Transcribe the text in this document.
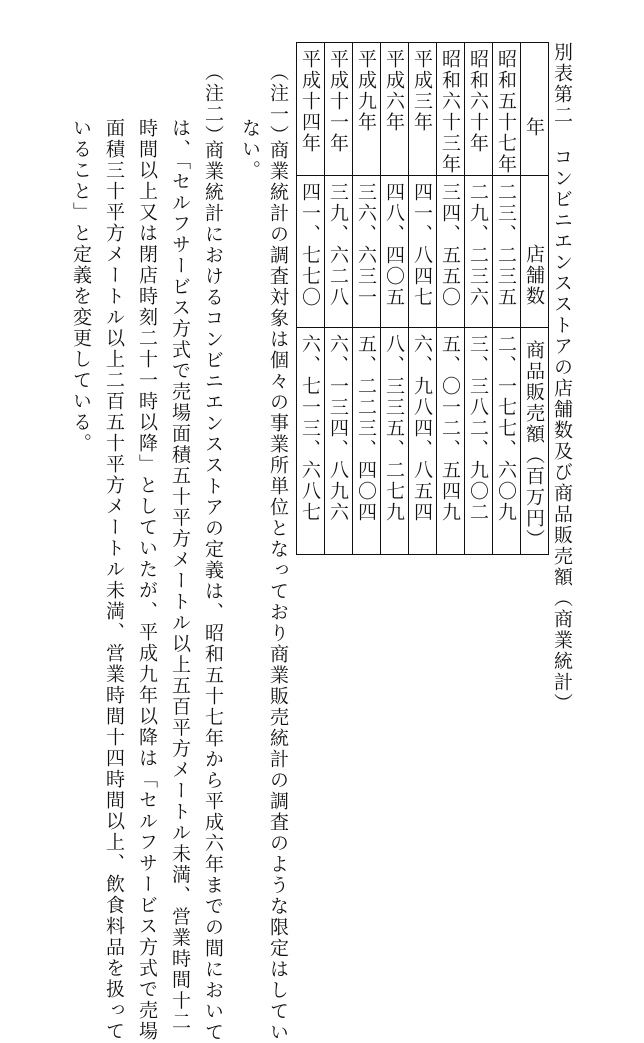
別表第二　コンビニエンスストアの店舗数及び商品販売額（商業統計）
年	店舗数	商品販売額（百万円）
昭和五十七年	二三、二三五	二、一七七、六〇九
昭和六十年	二九、二三六	三、三八二、九〇二
昭和六十三年	三四、五五〇	五、〇一二、五四九
平成三年	四一、八四七	六、九八四、八五四
平成六年	四八、四〇五	八、三三五、二七九
平成九年	三六、六三一	五、二二三、四〇四
平成十一年	三九、六二八	六、一三四、八九六
平成十四年	四一、七七〇	六、七一三、六八七
（注一）
商業統計の調査対象は個々の事業所単位となっており商業販売統計の調査のような限定はしてい
ない。
（注二）
商業統計におけるコンビニエンスストアの定義は、昭和五十七年から平成六年までの間において
は、「セルフサービス方式で売場面積五十平方メートル以上五百平方メートル未満、営業時間十二
時間以上又は閉店時刻二十一時以降」としていたが、平成九年以降は「セルフサービス方式で売場
面積三十平方メートル以上二百五十平方メートル未満、営業時間十四時間以上、飲食料品を扱って
いること」と定義を変更している。
